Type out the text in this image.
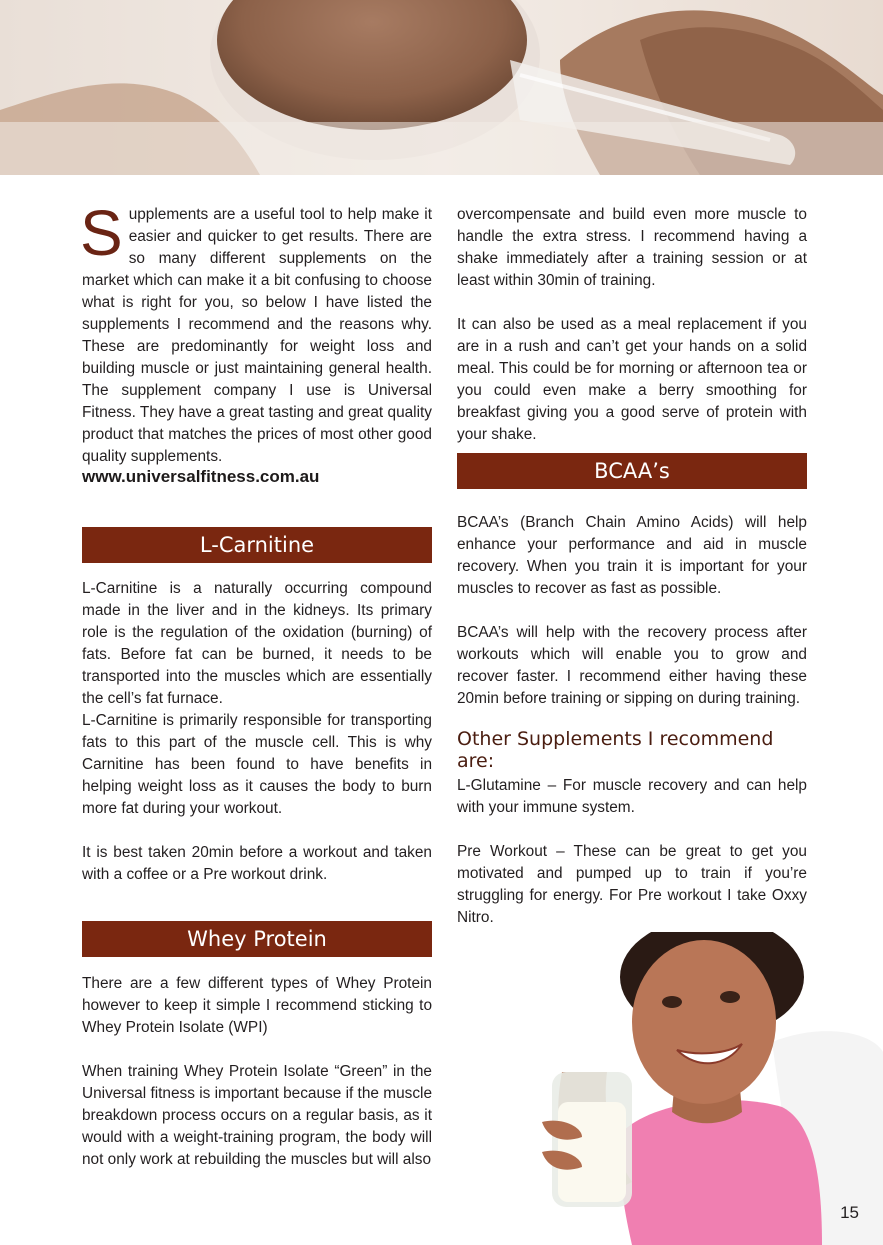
S upplements are a useful tool to help make it easier and quicker to get results. There are so many different supplements on the market which can make it a bit confusing to choose what is right for you, so below I have listed the supplements I recommend and the reasons why. These are predominantly for weight loss and building muscle or just maintaining general health. The supplement company I use is Universal Fitness. They have a great tasting and great quality product that matches the prices of most other good quality supplements.

www.universalfitness.com.au
L-Carnitine

L-Carnitine is a naturally occurring compound made in the liver and in the kidneys. Its primary role is the regulation of the oxidation (burning) of fats. Before fat can be burned, it needs to be transported into the muscles which are essentially the cell’s fat furnace.

L-Carnitine is primarily responsible for transporting fats to this part of the muscle cell. This is why Carnitine has been found to have benefits in helping weight loss as it causes the body to burn more fat during your workout.

It is best taken 20min before a workout and taken with a coffee or a Pre workout drink.

Whey Protein

There are a few different types of Whey Protein however to keep it simple I recommend sticking to Whey Protein Isolate (WPI)

When training Whey Protein Isolate “Green” in the Universal fitness is important because if the muscle breakdown process occurs on a regular basis, as it would with a weight-training program, the body will not only work at rebuilding the muscles but will also

overcompensate and build even more muscle to handle the extra stress. I recommend having a shake immediately after a training session or at least within 30min of training.

It can also be used as a meal replacement if you are in a rush and can’t get your hands on a solid meal. This could be for morning or afternoon tea or you could even make a berry smoothing for breakfast giving you a good serve of protein with your shake.

BCAA’s

BCAA’s (Branch Chain Amino Acids) will help enhance your performance and aid in muscle recovery. When you train it is important for your muscles to recover as fast as possible.

BCAA’s will help with the recovery process after workouts which will enable you to grow and recover faster. I recommend either having these 20min before training or sipping on during training.

Other Supplements I recommend are:

L-Glutamine – For muscle recovery and can help with your immune system.

Pre Workout – These can be great to get you motivated and pumped up to train if you’re struggling for energy. For Pre workout I take Oxxy Nitro.

15
